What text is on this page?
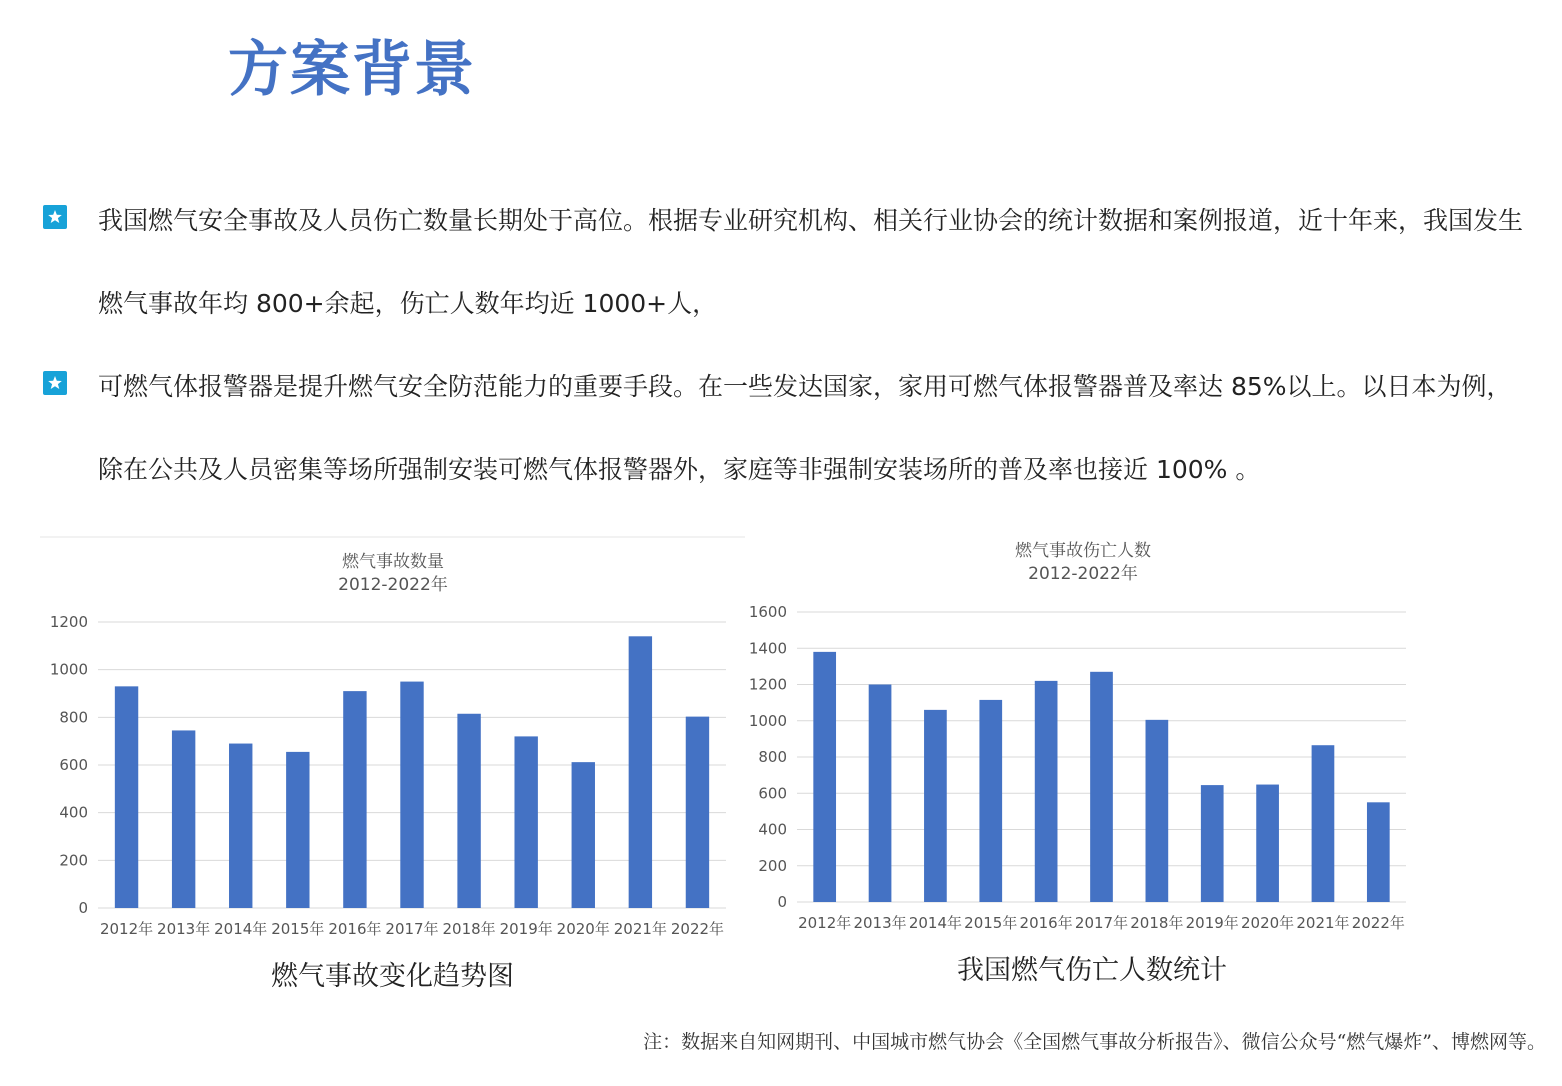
方案背景
我国燃气安全事故及人员伤亡数量长期处于高位。根据专业研究机构、相关行业协会的统计数据和案例报道，近十年来，我国发生燃气事故年均 800+余起，伤亡人数年均近 1000+人，
可燃气体报警器是提升燃气安全防范能力的重要手段。在一些发达国家，家用可燃气体报警器普及率达 85%以上。以日本为例， 除在公共及人员密集等场所强制安装可燃气体报警器外，家庭等非强制安装场所的普及率也接近 100% 。
燃气事故数量
2012-2022年
0
200
400
600
800
1000
1200
2012年 2013年 2014年 2015年 2016年 2017年 2018年 2019年 2020年 2021年 2022年
燃气事故变化趋势图
燃气事故伤亡人数
2012-2022年
0
200
400
600
800
1000
1200
1400
1600
2012年 2013年 2014年 2015年 2016年 2017年 2018年 2019年 2020年 2021年 2022年
我国燃气伤亡人数统计
注：数据来自知网期刊、中国城市燃气协会《全国燃气事故分析报告》、微信公众号“燃气爆炸”、博燃网等。
